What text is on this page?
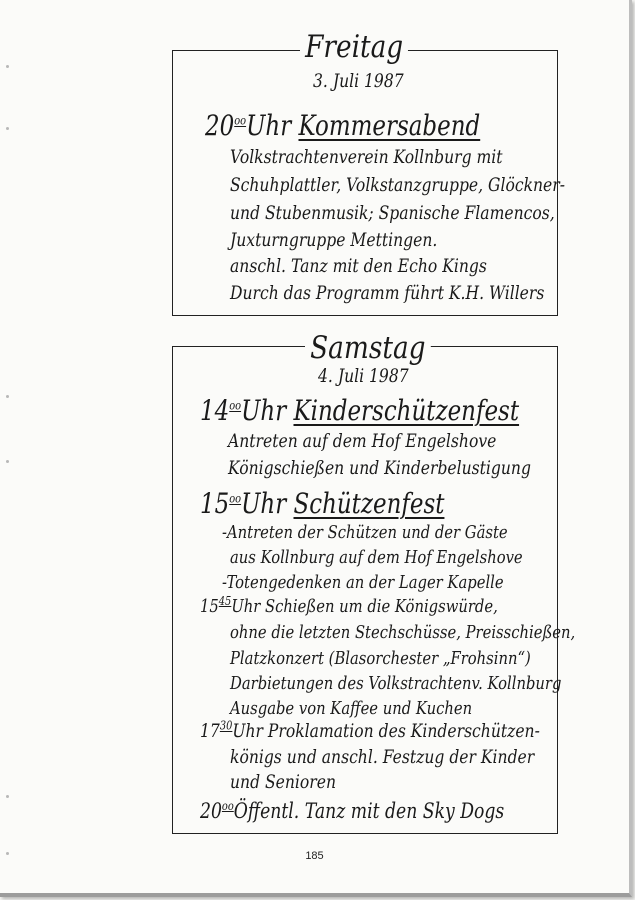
Freitag
3. Juli 1987
$20^{oo}Uhr$ Kommersabend
Volkstrachtenverein Kollnburg mit
Schuhplattler, Volkstanzgruppe, Glöckner-
und Stubenmusik; Spanische Flamencos,
Juxturngruppe Mettingen.
anschl. Tanz mit den Echo Kings
Durch das Programm führt K.H. Willers
Samstag
4. Juli 1987
$14^{oo}Uhr$ Kinderschützenfest
Antreten auf dem Hof Engelshove
Königschießen und Kinderbelustigung
$15^{oo}Uhr$ Schützenfest
-Antreten der Schützen und der Gäste
aus Kollnburg auf dem Hof Engelshove
-Totengedenken an der Lager Kapelle
$15^{45}Uhr$ Schießen um die Königswürde,
ohne die letzten Stechschüsse, Preisschießen,
Platzkonzert (Blasorchester „Frohsinn“)
Darbietungen des Volkstrachtenv. Kollnburg
Ausgabe von Kaffee und Kuchen
$17^{30}Uhr$ Proklamation des Kinderschützen-
königs und anschl. Festzug der Kinder
und Senioren
$20^{oo}Öffentl$. Tanz mit den Sky Dogs
185
